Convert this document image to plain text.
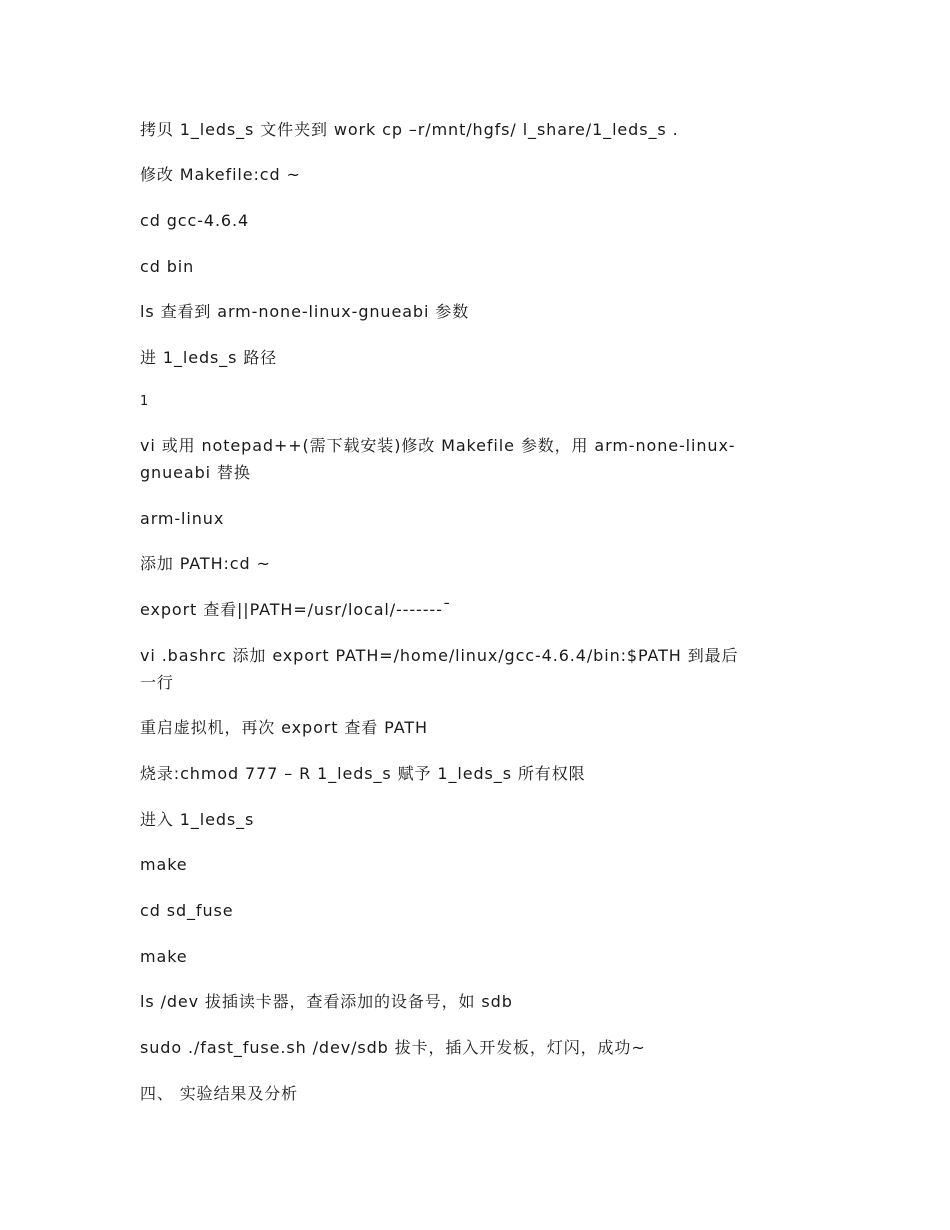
拷贝 1_leds_s 文件夹到 work cp –r/mnt/hgfs/ l_share/1_leds_s .
修改 Makefile:cd ~
cd gcc-4.6.4
cd bin
ls 查看到 arm-none-linux-gnueabi 参数
进 1_leds_s 路径
1
vi 或用 notepad++(需下载安装)修改 Makefile 参数，用 arm-none-linux-
gnueabi 替换
arm-linux
添加 PATH:cd ~
export 查看||PATH=/usr/local/-------¯
vi .bashrc 添加 export PATH=/home/linux/gcc-4.6.4/bin:$PATH 到最后
一行
重启虚拟机，再次 export 查看 PATH
烧录:chmod 777 – R 1_leds_s 赋予 1_leds_s 所有权限
进入 1_leds_s
make
cd sd_fuse
make
ls /dev 拔插读卡器，查看添加的设备号，如 sdb
sudo ./fast_fuse.sh /dev/sdb 拔卡，插入开发板，灯闪，成功~
四、 实验结果及分析
